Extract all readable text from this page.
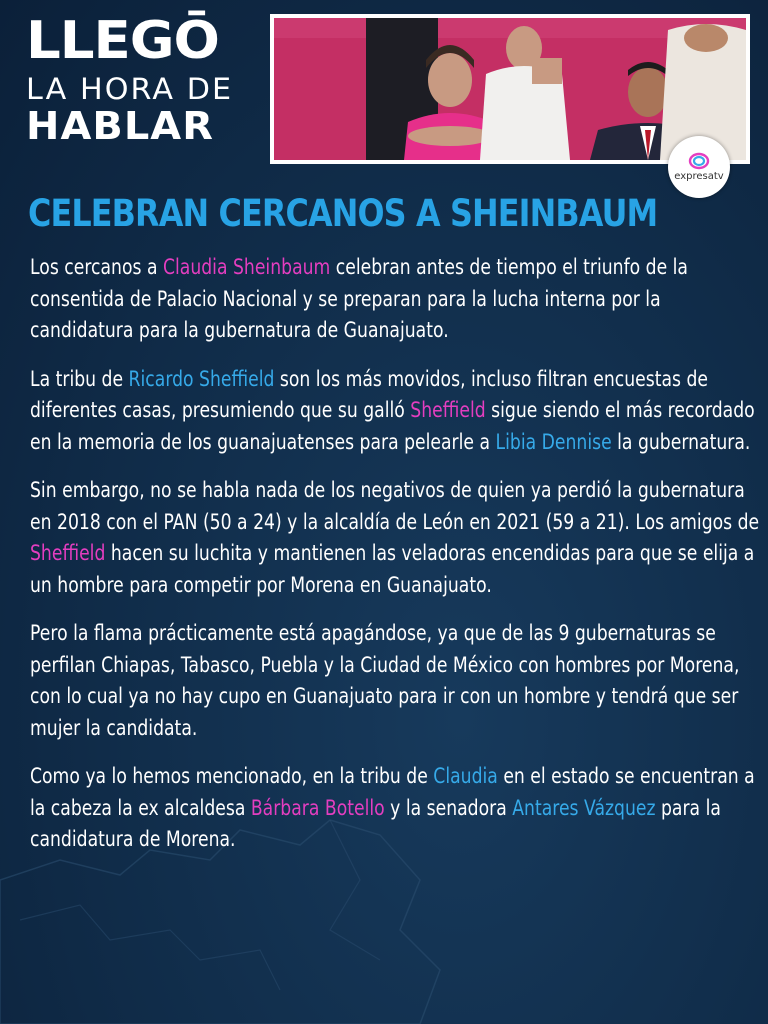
LLEGŌ
LA HORA DE
HABLAR
expresatv
CELEBRAN CERCANOS A SHEINBAUM

Los cercanos a Claudia Sheinbaum celebran antes de tiempo el triunfo de la consentida de Palacio Nacional y se preparan para la lucha interna por la candidatura para la gubernatura de Guanajuato.

La tribu de Ricardo Sheffield son los más movidos, incluso filtran encuestas de diferentes casas, presumiendo que su galló Sheffield sigue siendo el más recordado en la memoria de los guanajuatenses para pelearle a Libia Dennise la gubernatura.

Sin embargo, no se habla nada de los negativos de quien ya perdió la gubernatura en 2018 con el PAN (50 a 24) y la alcaldía de León en 2021 (59 a 21). Los amigos de Sheffield hacen su luchita y mantienen las veladoras encendidas para que se elija a un hombre para competir por Morena en Guanajuato.

Pero la flama prácticamente está apagándose, ya que de las 9 gubernaturas se perfilan Chiapas, Tabasco, Puebla y la Ciudad de México con hombres por Morena, con lo cual ya no hay cupo en Guanajuato para ir con un hombre y tendrá que ser mujer la candidata.

Como ya lo hemos mencionado, en la tribu de Claudia en el estado se encuentran a la cabeza la ex alcaldesa Bárbara Botello y la senadora Antares Vázquez para la candidatura de Morena.
